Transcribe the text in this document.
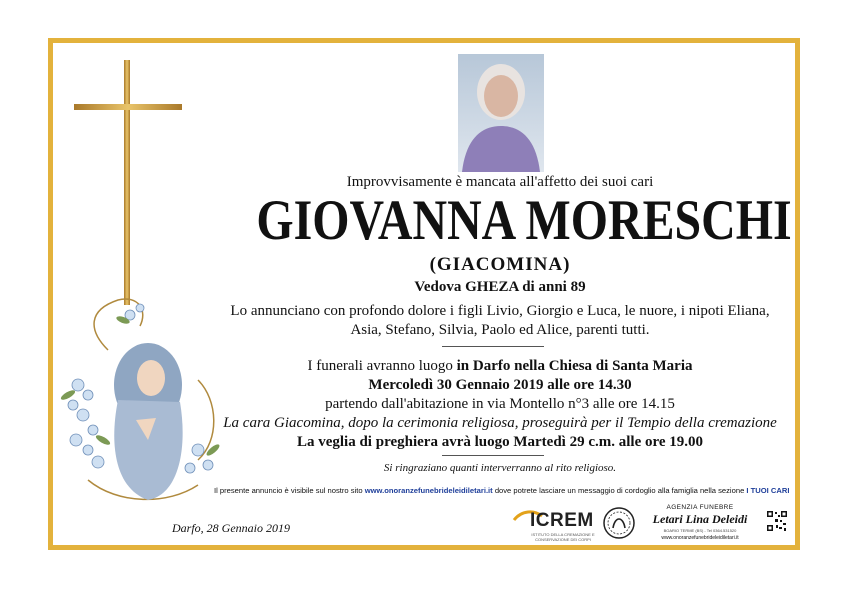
Improvvisamente è mancata all'affetto dei suoi cari
GIOVANNA MORESCHI
(GIACOMINA)
Vedova GHEZA di anni 89
Lo annunciano con profondo dolore i figli Livio, Giorgio e Luca, le nuore, i nipoti Eliana, Asia, Stefano, Silvia, Paolo ed Alice, parenti tutti.
I funerali avranno luogo in Darfo nella Chiesa di Santa Maria
Mercoledì 30 Gennaio 2019 alle ore 14.30
partendo dall'abitazione in via Montello n°3 alle ore 14.15
La cara Giacomina, dopo la cerimonia religiosa, proseguirà per il Tempio della cremazione
La veglia di preghiera avrà luogo Martedì 29 c.m. alle ore 19.00
Si ringraziano quanti interverranno al rito religioso.
Il presente annuncio è visibile sul nostro sito www.onoranzefunebrideleidiletari.it dove potrete lasciare un messaggio di cordoglio alla famiglia nella sezione I TUOI CARI
Darfo, 28 Gennaio 2019	ICREM
ISTITUTO DELLA CREMAZIONE E CONSERVAZIONE DEI CORPI
AGENZIA FUNEBRE
Letari Lina Deleidi
BOARIO TERME (BS) - Tel 0364.531520
www.onoranzefunebrideleidiletari.it
